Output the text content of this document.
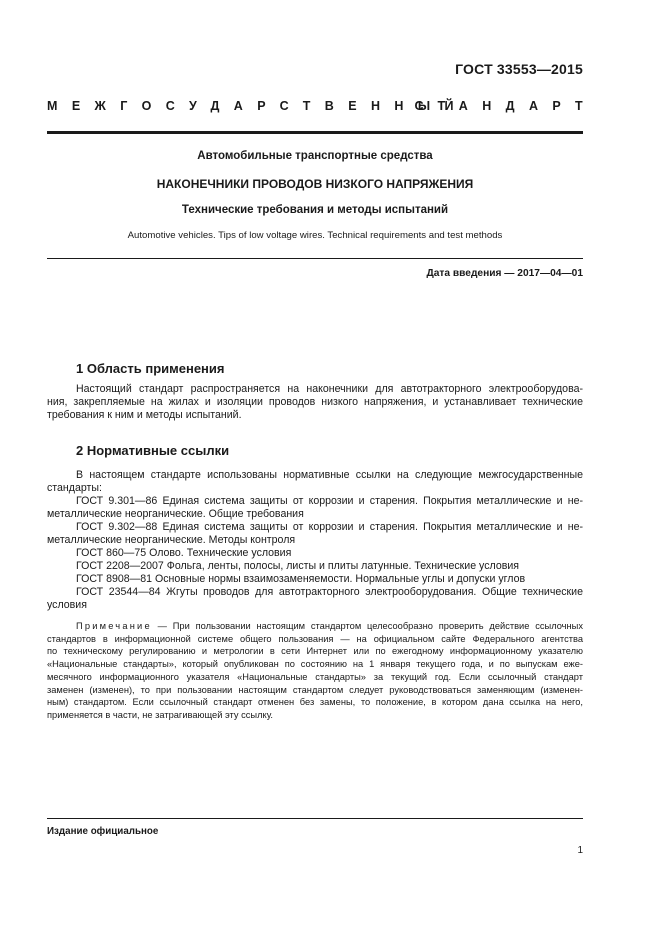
ГОСТ 33553—2015
МЕЖГОСУДАРСТВЕННЫЙ
СТАНДАРТ
Автомобильные транспортные средства
НАКОНЕЧНИКИ ПРОВОДОВ НИЗКОГО НАПРЯЖЕНИЯ
Технические требования и методы испытаний
Automotive vehicles. Tips of low voltage wires. Technical requirements and test methods
Дата введения — 2017—04—01
1 Область применения
Настоящий стандарт распространяется на наконечники для автотракторного электрооборудова-
ния, закрепляемые на жилах и изоляции проводов низкого напряжения, и устанавливает технические
требования к ним и методы испытаний.
2 Нормативные ссылки
В настоящем стандарте использованы нормативные ссылки на следующие межгосударственные
стандарты:
ГОСТ 9.301—86 Единая система защиты от коррозии и старения. Покрытия металлические и не-
металлические неорганические. Общие требования
ГОСТ 9.302—88 Единая система защиты от коррозии и старения. Покрытия металлические и не-
металлические неорганические. Методы контроля
ГОСТ 860—75 Олово. Технические условия
ГОСТ 2208—2007 Фольга, ленты, полосы, листы и плиты латунные. Технические условия
ГОСТ 8908—81 Основные нормы взаимозаменяемости. Нормальные углы и допуски углов
ГОСТ 23544—84 Жгуты проводов для автотракторного электрооборудования. Общие технические
условия
Примечание — При пользовании настоящим стандартом целесообразно проверить действие ссылочных
стандартов в информационной системе общего пользования — на официальном сайте Федерального агентства
по техническому регулированию и метрологии в сети Интернет или по ежегодному информационному указателю
«Национальные стандарты», который опубликован по состоянию на 1 января текущего года, и по выпускам еже-
месячного информационного указателя «Национальные стандарты» за текущий год. Если ссылочный стандарт
заменен (изменен), то при пользовании настоящим стандартом следует руководствоваться заменяющим (изменен-
ным) стандартом. Если ссылочный стандарт отменен без замены, то положение, в котором дана ссылка на него,
применяется в части, не затрагивающей эту ссылку.
Издание официальное
1
